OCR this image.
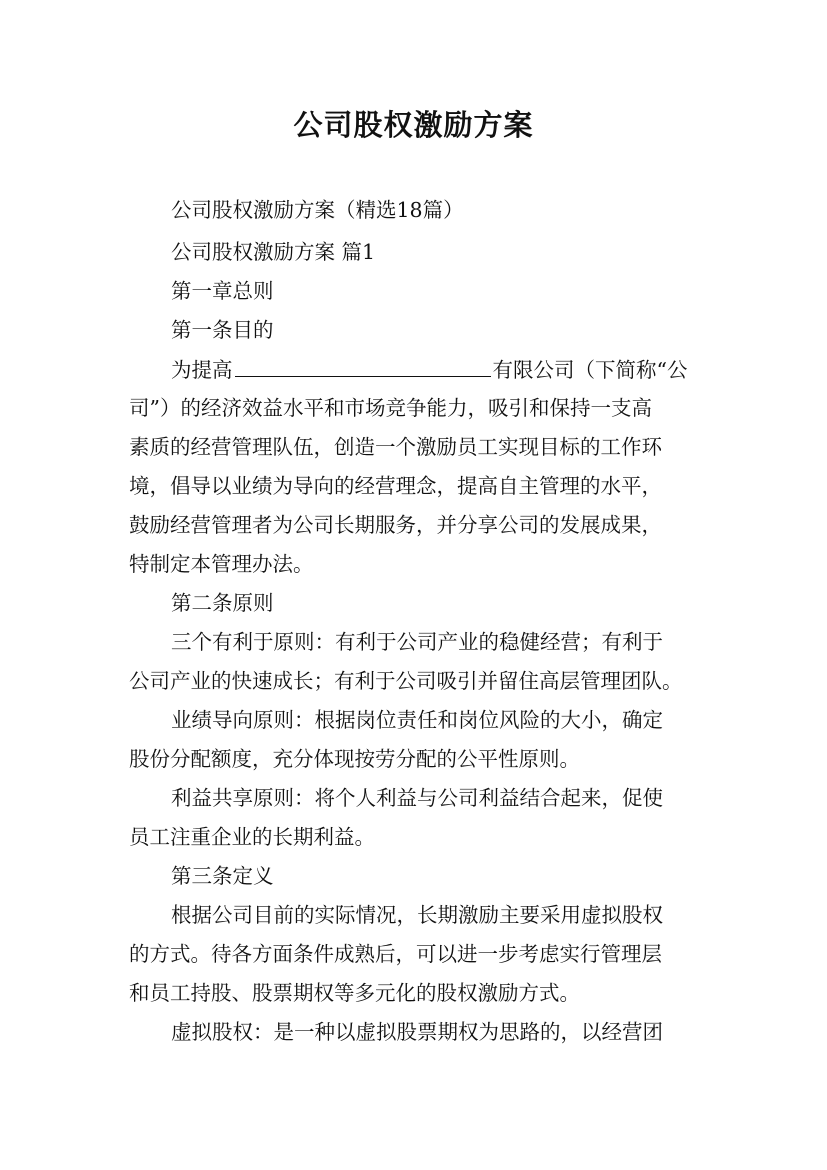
公司股权激励方案
公司股权激励方案（精选18篇）
公司股权激励方案 篇1
第一章总则
第一条目的
为提高	有限公司（下简称“公
司”）的经济效益水平和市场竞争能力，吸引和保持一支高
素质的经营管理队伍，创造一个激励员工实现目标的工作环
境，倡导以业绩为导向的经营理念，提高自主管理的水平，
鼓励经营管理者为公司长期服务，并分享公司的发展成果，
特制定本管理办法。
第二条原则
三个有利于原则：有利于公司产业的稳健经营；有利于
公司产业的快速成长；有利于公司吸引并留住高层管理团队。
业绩导向原则：根据岗位责任和岗位风险的大小，确定
股份分配额度，充分体现按劳分配的公平性原则。
利益共享原则：将个人利益与公司利益结合起来，促使
员工注重企业的长期利益。
第三条定义
根据公司目前的实际情况，长期激励主要采用虚拟股权
的方式。待各方面条件成熟后，可以进一步考虑实行管理层
和员工持股、股票期权等多元化的股权激励方式。
虚拟股权：是一种以虚拟股票期权为思路的，以经营团
